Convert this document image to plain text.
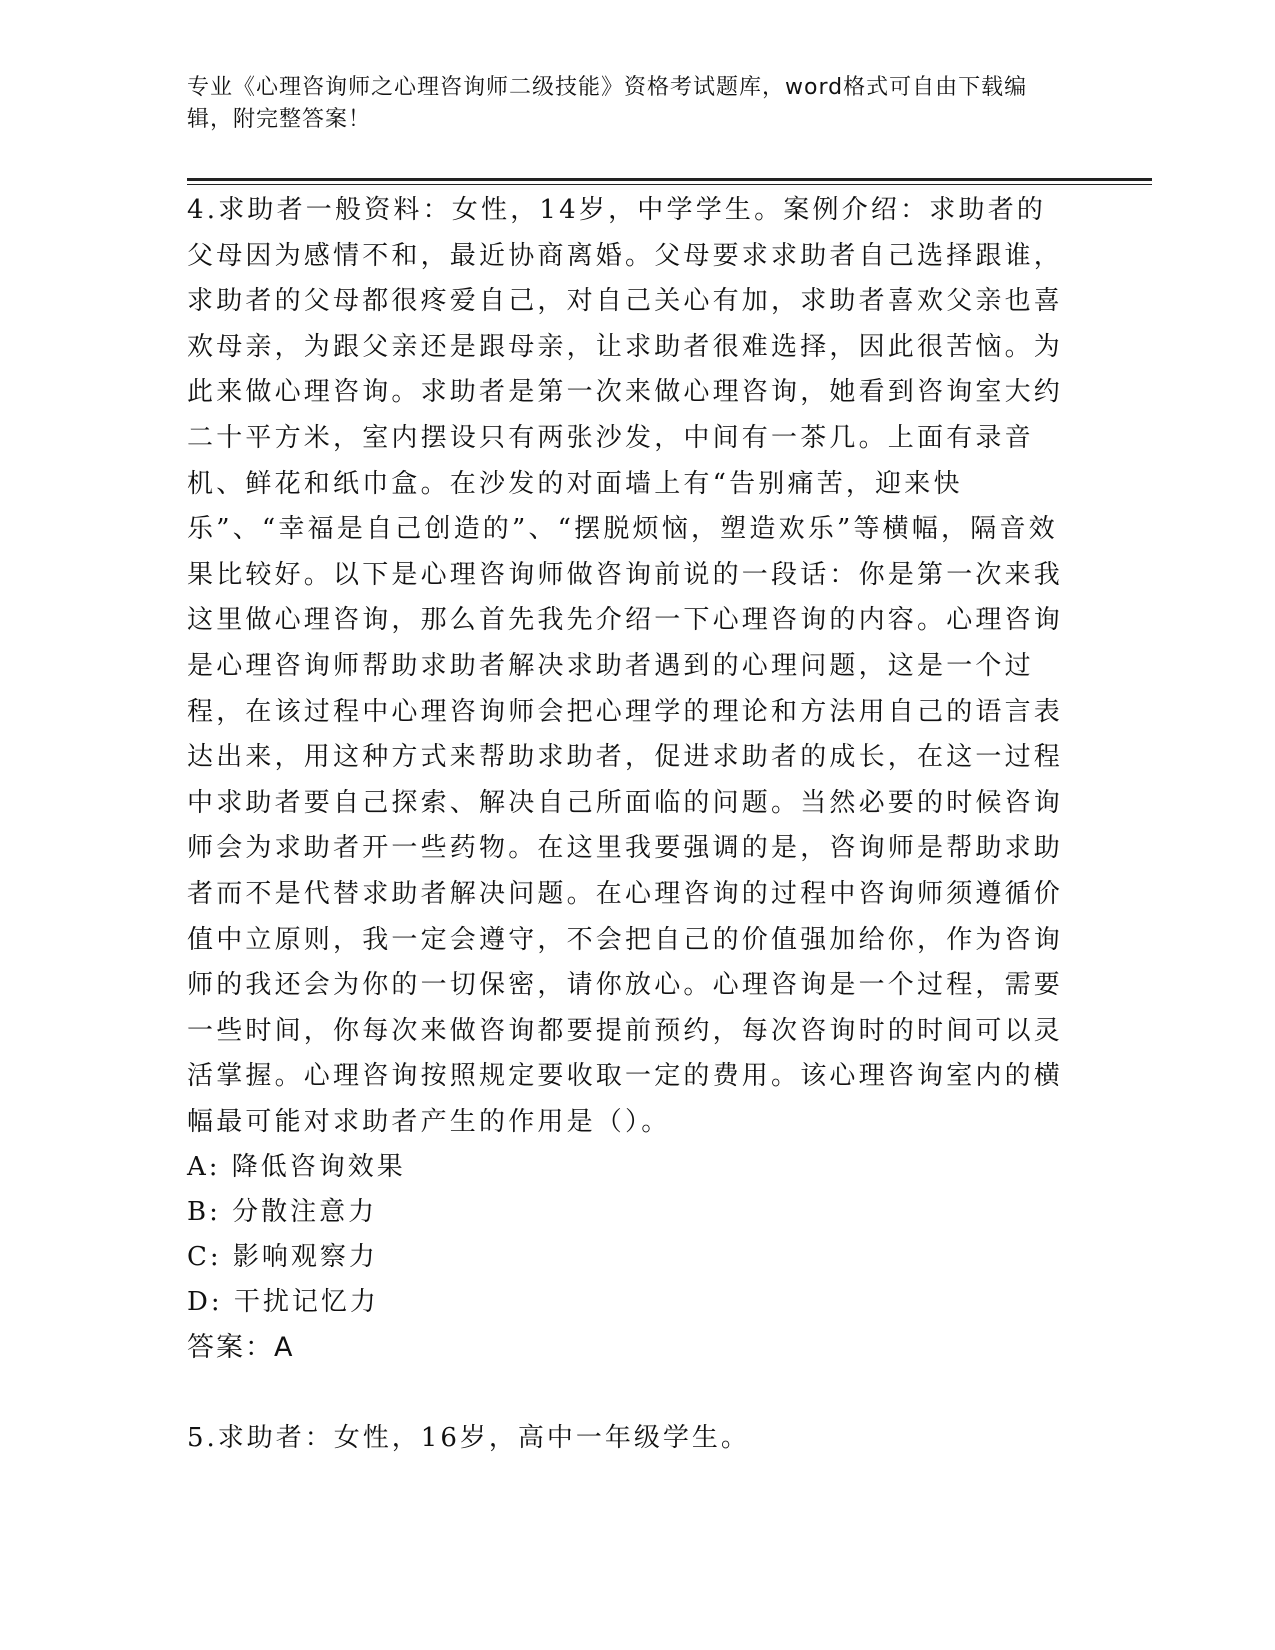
专业《心理咨询师之心理咨询师二级技能》资格考试题库，word格式可自由下载编辑，附完整答案！

4.求助者一般资料：女性，14岁，中学学生。案例介绍：求助者的父母因为感情不和，最近协商离婚。父母要求求助者自己选择跟谁，求助者的父母都很疼爱自己，对自己关心有加，求助者喜欢父亲也喜欢母亲，为跟父亲还是跟母亲，让求助者很难选择，因此很苦恼。为此来做心理咨询。求助者是第一次来做心理咨询，她看到咨询室大约二十平方米，室内摆设只有两张沙发，中间有一茶几。上面有录音机、鲜花和纸巾盒。在沙发的对面墙上有“告别痛苦，迎来快乐”、“幸福是自己创造的”、“摆脱烦恼，塑造欢乐”等横幅，隔音效果比较好。以下是心理咨询师做咨询前说的一段话：你是第一次来我这里做心理咨询，那么首先我先介绍一下心理咨询的内容。心理咨询是心理咨询师帮助求助者解决求助者遇到的心理问题，这是一个过程，在该过程中心理咨询师会把心理学的理论和方法用自己的语言表达出来，用这种方式来帮助求助者，促进求助者的成长，在这一过程中求助者要自己探索、解决自己所面临的问题。当然必要的时候咨询师会为求助者开一些药物。在这里我要强调的是，咨询师是帮助求助者而不是代替求助者解决问题。在心理咨询的过程中咨询师须遵循价值中立原则，我一定会遵守，不会把自己的价值强加给你，作为咨询师的我还会为你的一切保密，请你放心。心理咨询是一个过程，需要一些时间，你每次来做咨询都要提前预约，每次咨询时的时间可以灵活掌握。心理咨询按照规定要收取一定的费用。该心理咨询室内的横幅最可能对求助者产生的作用是（）。

A: 降低咨询效果
B: 分散注意力
C: 影响观察力
D: 干扰记忆力
答案：A

5.求助者：女性，16岁，高中一年级学生。
